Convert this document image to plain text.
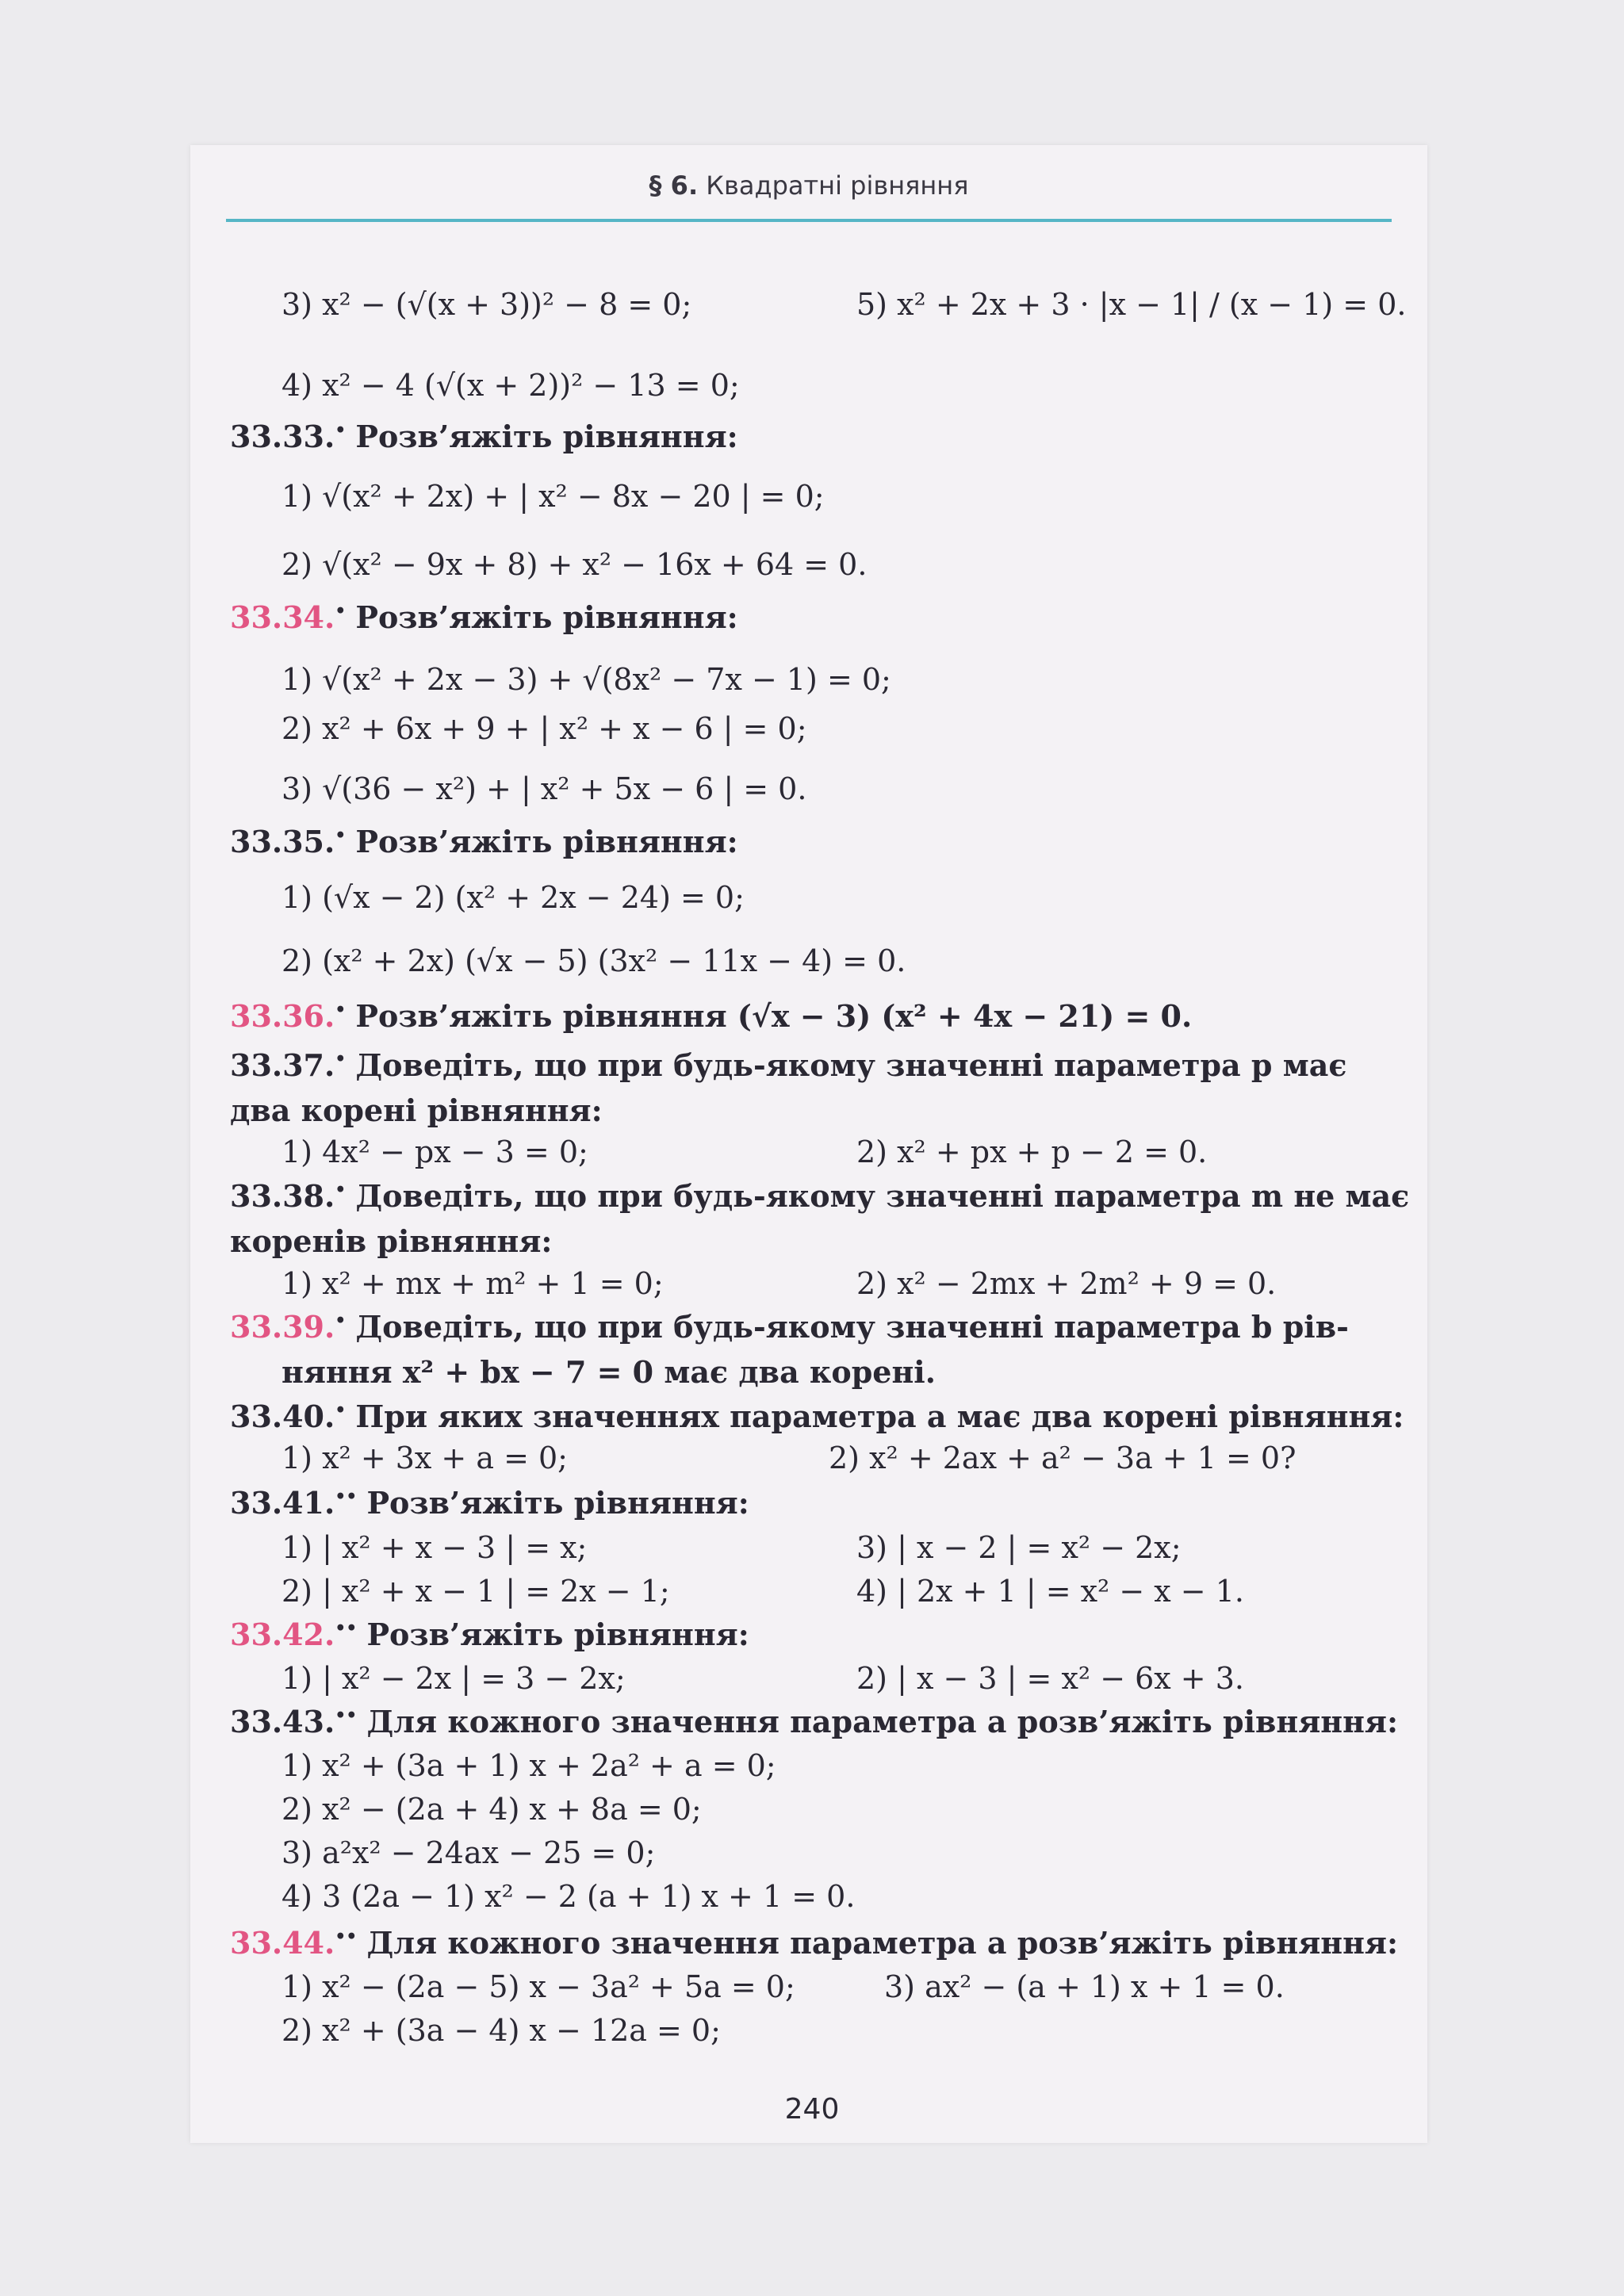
§ 6. Квадратні рівняння
3) x² − (√(x + 3))² − 8 = 0;	5) x² + 2x + 3 · |x − 1| / (x − 1) = 0.
4) x² − 4 (√(x + 2))² − 13 = 0;
33.33.• Розв’яжіть рівняння:
1) √(x² + 2x) + | x² − 8x − 20 | = 0;
2) √(x² − 9x + 8) + x² − 16x + 64 = 0.
33.34.• Розв’яжіть рівняння:
1) √(x² + 2x − 3) + √(8x² − 7x − 1) = 0;
2) x² + 6x + 9 + | x² + x − 6 | = 0;
3) √(36 − x²) + | x² + 5x − 6 | = 0.
33.35.• Розв’яжіть рівняння:
1) (√x − 2) (x² + 2x − 24) = 0;
2) (x² + 2x) (√x − 5) (3x² − 11x − 4) = 0.
33.36.• Розв’яжіть рівняння (√x − 3) (x² + 4x − 21) = 0.
33.37.• Доведіть, що при будь-якому значенні параметра p має
два корені рівняння:
1) 4x² − px − 3 = 0;	2) x² + px + p − 2 = 0.
33.38.• Доведіть, що при будь-якому значенні параметра m не має
коренів рівняння:
1) x² + mx + m² + 1 = 0;	2) x² − 2mx + 2m² + 9 = 0.
33.39.• Доведіть, що при будь-якому значенні параметра b рів-
няння x² + bx − 7 = 0 має два корені.
33.40.• При яких значеннях параметра a має два корені рівняння:
1) x² + 3x + a = 0;	2) x² + 2ax + a² − 3a + 1 = 0?
33.41.•• Розв’яжіть рівняння:
1) | x² + x − 3 | = x;	3) | x − 2 | = x² − 2x;
2) | x² + x − 1 | = 2x − 1;	4) | 2x + 1 | = x² − x − 1.
33.42.•• Розв’яжіть рівняння:
1) | x² − 2x | = 3 − 2x;	2) | x − 3 | = x² − 6x + 3.
33.43.•• Для кожного значення параметра a розв’яжіть рівняння:
1) x² + (3a + 1) x + 2a² + a = 0;
2) x² − (2a + 4) x + 8a = 0;
3) a²x² − 24ax − 25 = 0;
4) 3 (2a − 1) x² − 2 (a + 1) x + 1 = 0.
33.44.•• Для кожного значення параметра a розв’яжіть рівняння:
1) x² − (2a − 5) x − 3a² + 5a = 0;	3) ax² − (a + 1) x + 1 = 0.
2) x² + (3a − 4) x − 12a = 0;
240
